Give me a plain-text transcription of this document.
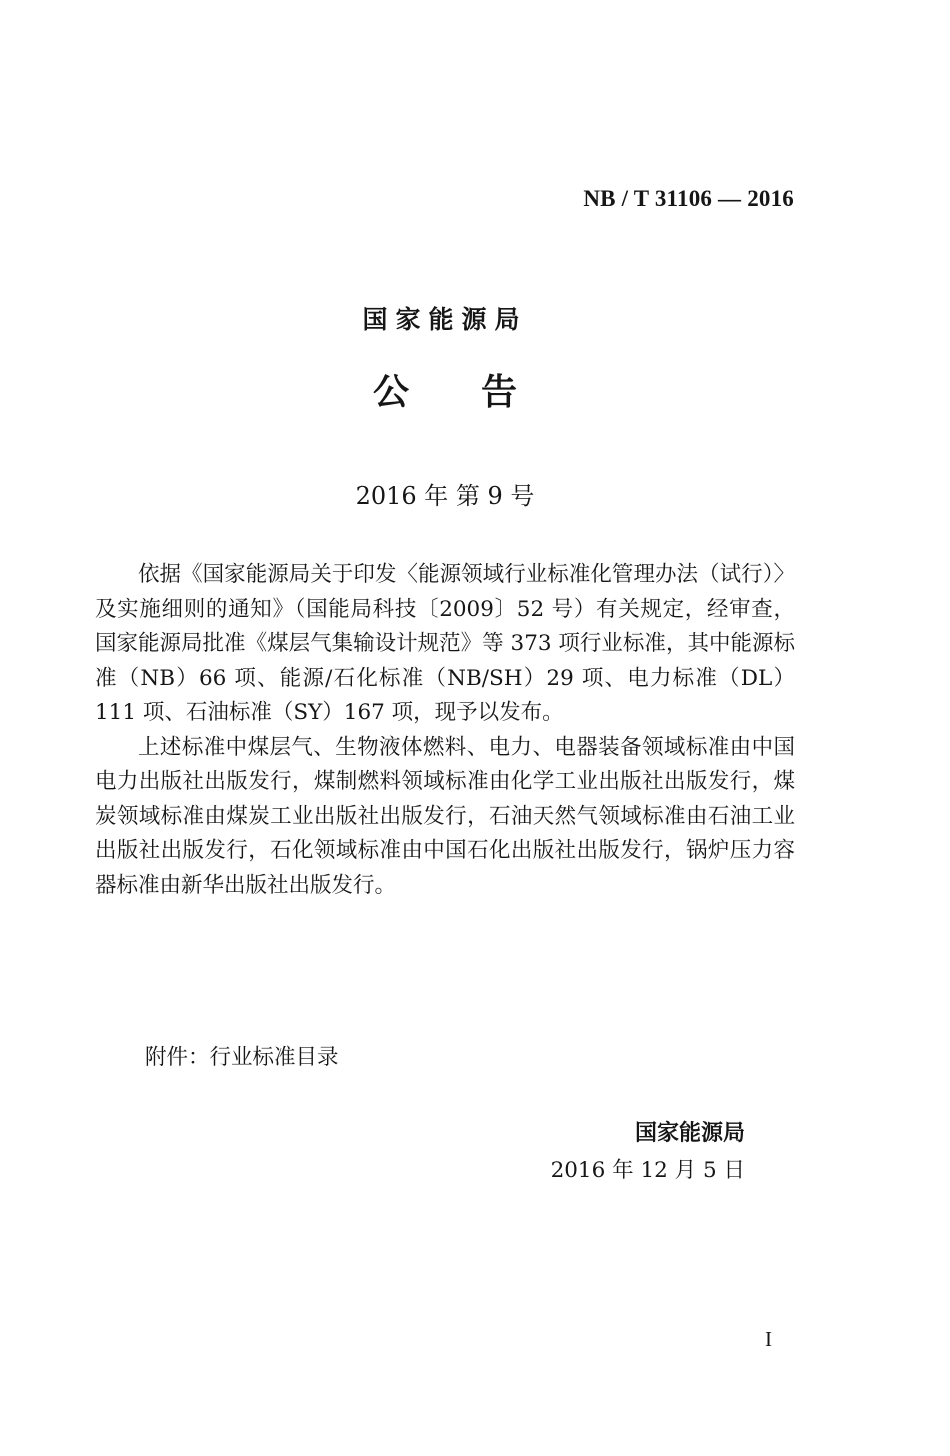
NB / T 31106 — 2016
国家能源局
公告
2016 年 第 9 号

依据《国家能源局关于印发〈能源领域行业标准化管理办法（试行）〉及实施细则的通知》（国能局科技〔2009〕52 号）有关规定，经审查，国家能源局批准《煤层气集输设计规范》等 373 项行业标准，其中能源标准（NB）66 项、能源/石化标准（NB/SH）29 项、电力标准（DL）111 项、石油标准（SY）167 项，现予以发布。

上述标准中煤层气、生物液体燃料、电力、电器装备领域标准由中国电力出版社出版发行，煤制燃料领域标准由化学工业出版社出版发行，煤炭领域标准由煤炭工业出版社出版发行，石油天然气领域标准由石油工业出版社出版发行，石化领域标准由中国石化出版社出版发行，锅炉压力容器标准由新华出版社出版发行。

附件：行业标准目录
国家能源局
2016 年 12 月 5 日
I
